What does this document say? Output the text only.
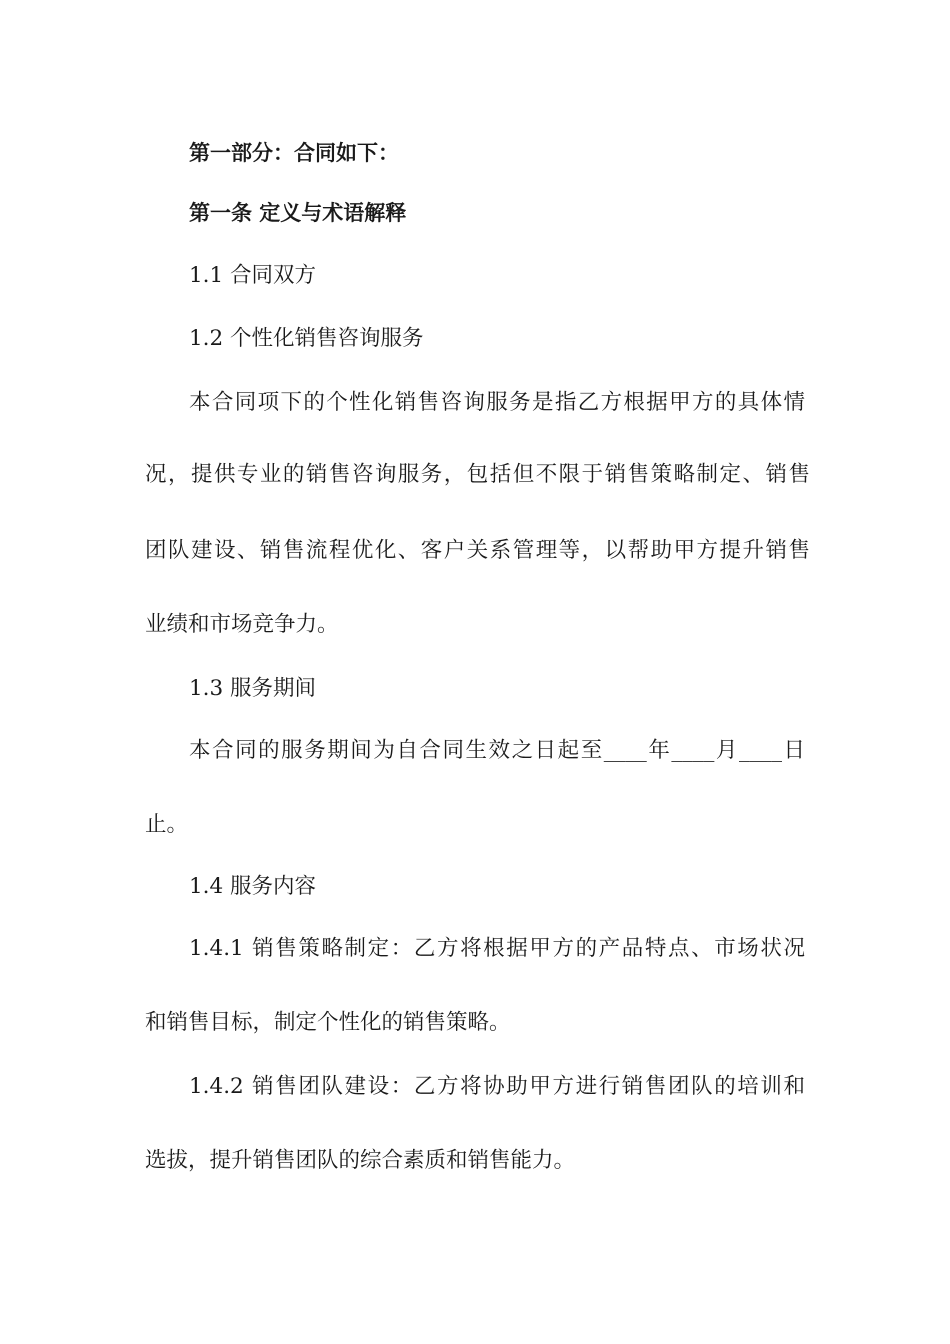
第一部分：合同如下：
第一条 定义与术语解释
1.1 合同双方
1.2 个性化销售咨询服务
本合同项下的个性化销售咨询服务是指乙方根据甲方的具体情
况，提供专业的销售咨询服务，包括但不限于销售策略制定、销售
团队建设、销售流程优化、客户关系管理等，以帮助甲方提升销售
业绩和市场竞争力。
1.3 服务期间
本合同的服务期间为自合同生效之日起至____年____月____日
止。
1.4 服务内容
1.4.1 销售策略制定：乙方将根据甲方的产品特点、市场状况
和销售目标，制定个性化的销售策略。
1.4.2 销售团队建设：乙方将协助甲方进行销售团队的培训和
选拔，提升销售团队的综合素质和销售能力。
